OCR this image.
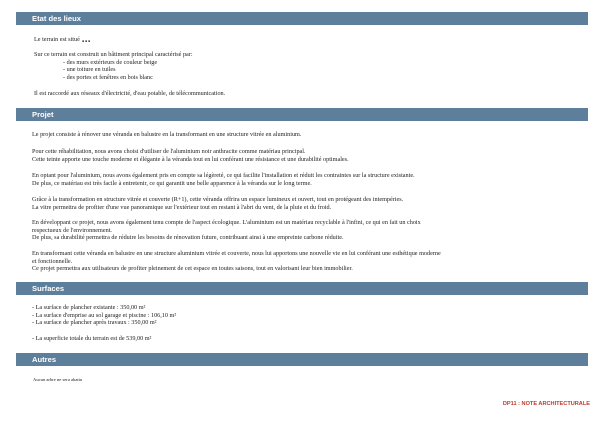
Etat des lieux

Le terrain est situé ...

Sur ce terrain est construit un bâtiment principal caractérisé par:

- des murs extérieurs de couleur beige

- une toiture en tuiles

- des portes et fenêtres en bois blanc

Il est raccordé aux réseaux d'électricité, d'eau potable, de télécommunication.

Projet

Le projet consiste à rénover une véranda en balustre en la transformant en une structure vitrée en aluminium.

Pour cette réhabilitation, nous avons choisi d'utiliser de l'aluminium noir anthracite comme matériau principal.

Cette teinte apporte une touche moderne et élégante à la véranda tout en lui conférant une résistance et une durabilité optimales.

En optant pour l'aluminium, nous avons également pris en compte sa légèreté, ce qui facilite l'installation et réduit les contraintes sur la structure existante.

De plus, ce matériau est très facile à entretenir, ce qui garantit une belle apparence à la véranda sur le long terme.

Grâce à la transformation en structure vitrée et couverte (R+1), cette véranda offrira un espace lumineux et ouvert, tout en protégeant des intempéries.

La vitre permettra de profiter d'une vue panoramique sur l'extérieur tout en restant à l'abri du vent, de la pluie et du froid.

En développant ce projet, nous avons également tenu compte de l'aspect écologique. L'aluminium est un matériau recyclable à l'infini, ce qui en fait un choix

respectueux de l'environnement.

De plus, sa durabilité permettra de réduire les besoins de rénovation future, contribuant ainsi à une empreinte carbone réduite.

En transformant cette véranda en balustre en une structure aluminium vitrée et couverte, nous lui apportons une nouvelle vie en lui conférant une esthétique moderne

et fonctionnelle.

Ce projet permettra aux utilisateurs de profiter pleinement de cet espace en toutes saisons, tout en valorisant leur bien immobilier.

Surfaces

- La surface de plancher existante : 350,00 m²

- La surface d'emprise au sol garage et piscine : 106,10 m²

- La surface de plancher après travaux : 350,00 m²

- La superficie totale du terrain est de 539,00 m²

Autres

Aucun arbre ne sera abattu

DP11 : NOTE ARCHITECTURALE
